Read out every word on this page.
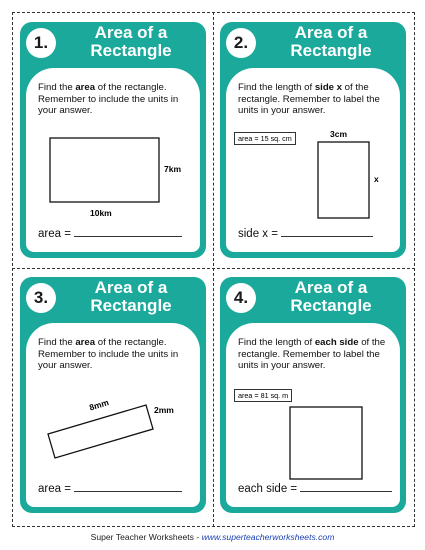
1.
Area of a
Rectangle
Find the area of the rectangle. Remember to include the units in your answer.
7km
10km
area =
2.
Area of a
Rectangle
Find the length of side x of the rectangle. Remember to label the units in your answer.
area = 15 sq. cm	3cm
x
side x =
3.
Area of a
Rectangle
Find the area of the rectangle. Remember to include the units in your answer.
8mm	2mm
area =
4.
Area of a
Rectangle
Find the length of each side of the rectangle. Remember to label the units in your answer.
area = 81 sq. m
each side =
Super Teacher Worksheets - www.superteacherworksheets.com
